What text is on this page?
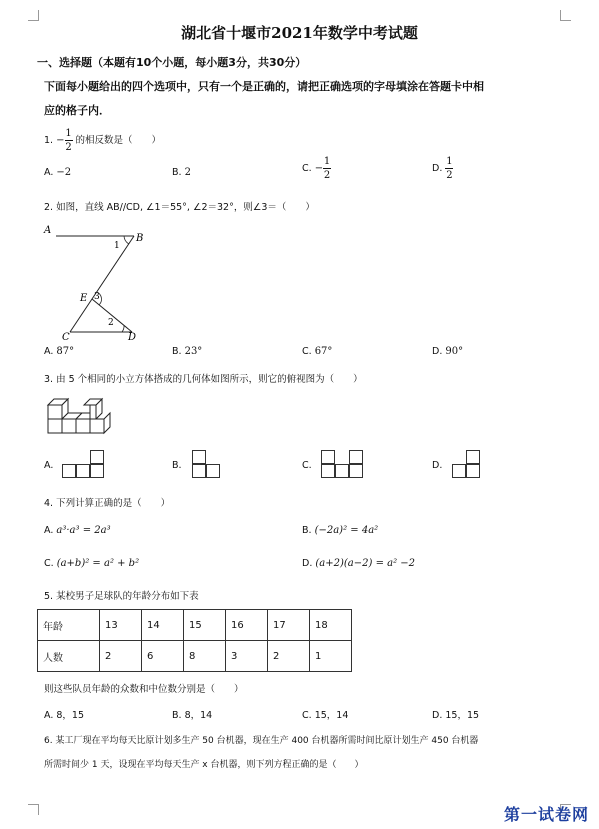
湖北省十堰市2021年数学中考试题
一、选择题（本题有10个小题，每小题3分，共30分）
下面每小题给出的四个选项中，只有一个是正确的，请把正确选项的字母填涂在答题卡中相
应的格子内．
1. − $\frac{1}{2}$ 的相反数是（　　）
A. −2	B. 2	C. − $\frac{1}{2}$	D. $\frac{1}{2}$
2. 如图，直线 AB//CD, ∠1＝55°, ∠2＝32°，则∠3＝（　　）
A
B
C	D
E
1
2
3
A. 87°	B. 23°	C. 67°	D. 90°
3. 由 5 个相同的小立方体搭成的几何体如图所示，则它的俯视图为（　　）
A.	B.	C.	D.
4. 下列计算正确的是（　　）
A. a³·a³ = 2a³	B. (−2a)² = 4a²
C. (a+b)² = a² + b²	D. (a+2)(a−2) = a² −2
5. 某校男子足球队的年龄分布如下表
年龄	13	14	15	16	17	18
人数	2	6	8	3	2	1
则这些队员年龄的众数和中位数分别是（　　）
A. 8，15	B. 8，14	C. 15，14	D. 15，15
6. 某工厂现在平均每天比原计划多生产 50 台机器，现在生产 400 台机器所需时间比原计划生产 450 台机器
所需时间少 1 天，设现在平均每天生产 x 台机器，则下列方程正确的是（　　）
第一试卷网
